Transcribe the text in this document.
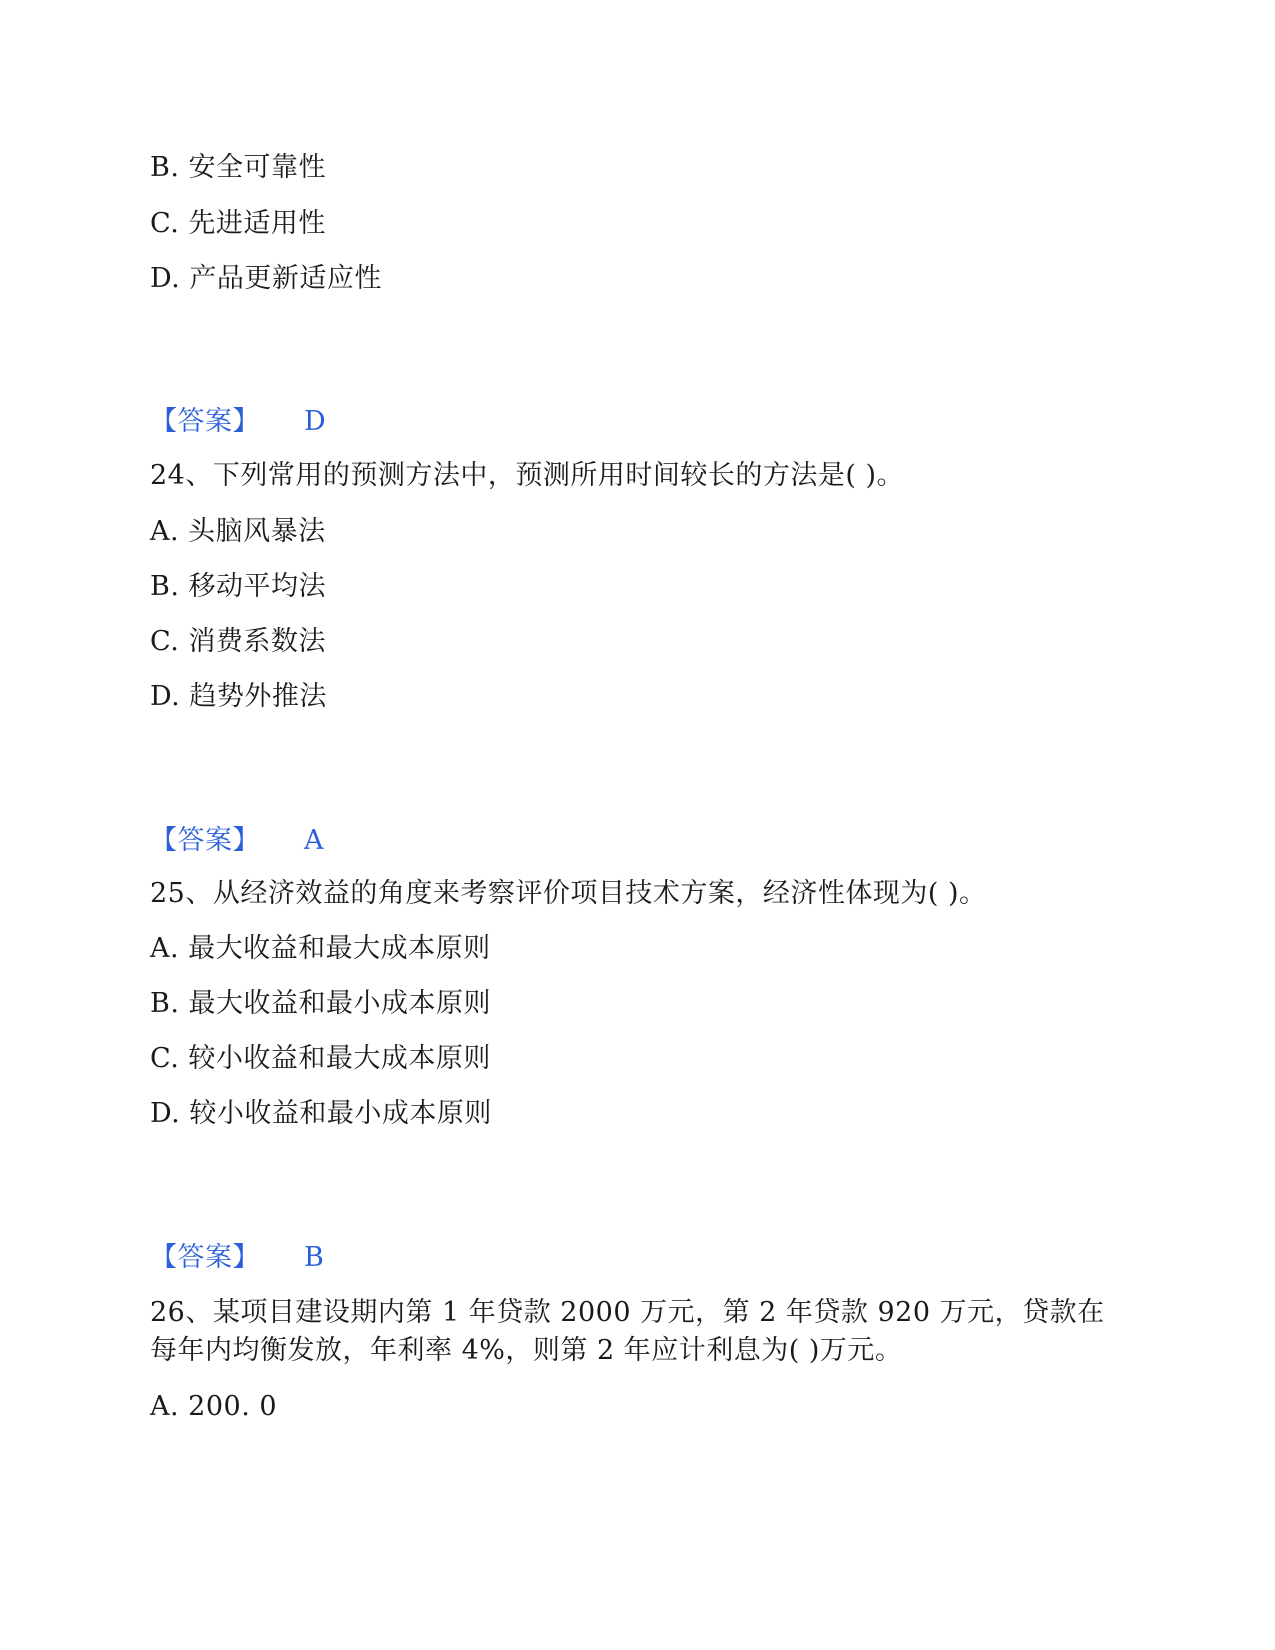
B. 安全可靠性
C. 先进适用性
D. 产品更新适应性
【答案】 D
24、下列常用的预测方法中，预测所用时间较长的方法是( )。
A. 头脑风暴法
B. 移动平均法
C. 消费系数法
D. 趋势外推法
【答案】 A
25、从经济效益的角度来考察评价项目技术方案，经济性体现为( )。
A. 最大收益和最大成本原则
B. 最大收益和最小成本原则
C. 较小收益和最大成本原则
D. 较小收益和最小成本原则
【答案】 B
26、某项目建设期内第 1 年贷款 2000 万元，第 2 年贷款 920 万元，贷款在
每年内均衡发放，年利率 4%，则第 2 年应计利息为( )万元。
A. 200. 0
